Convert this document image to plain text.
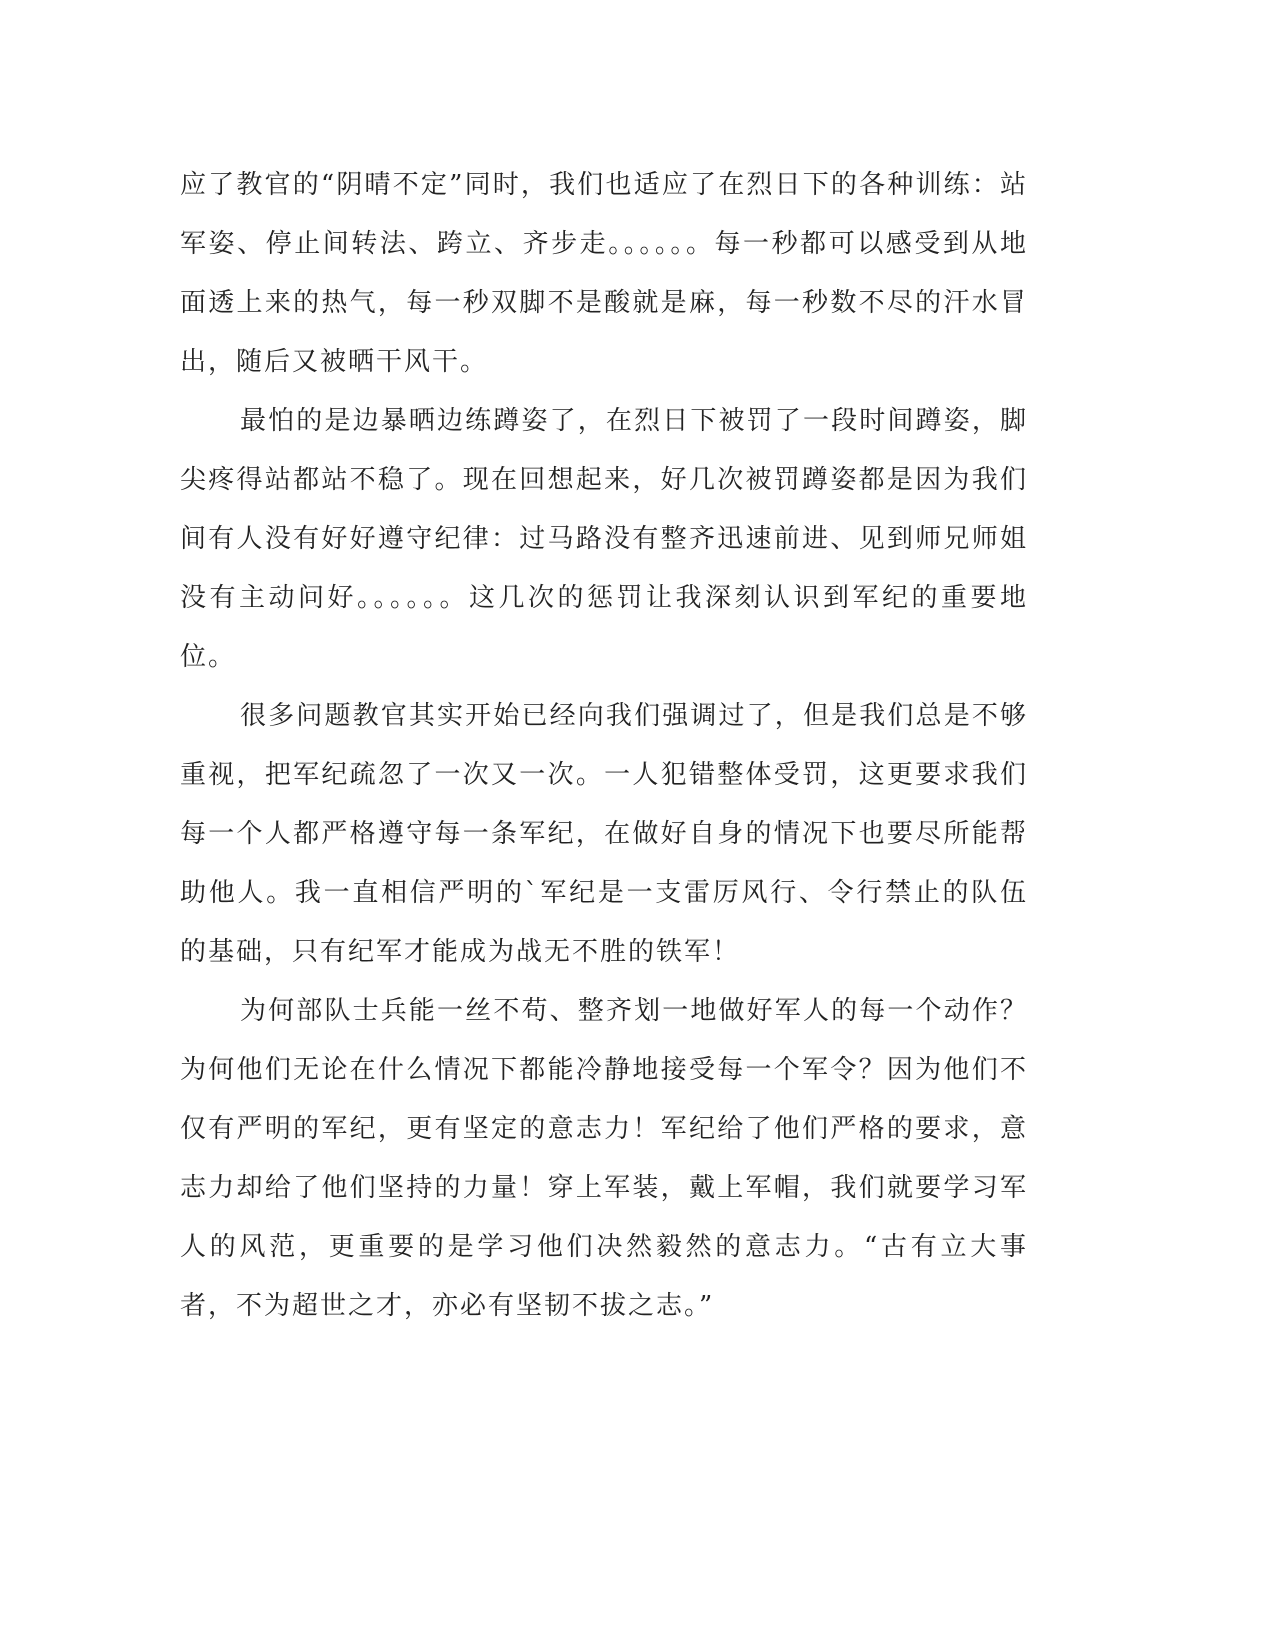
应了教官的“阴晴不定”同时，我们也适应了在烈日下的各种训练：站军姿、停止间转法、跨立、齐步走。。。。。。每一秒都可以感受到从地面透上来的热气，每一秒双脚不是酸就是麻，每一秒数不尽的汗水冒出，随后又被晒干风干。

最怕的是边暴晒边练蹲姿了，在烈日下被罚了一段时间蹲姿，脚尖疼得站都站不稳了。现在回想起来，好几次被罚蹲姿都是因为我们间有人没有好好遵守纪律：过马路没有整齐迅速前进、见到师兄师姐没有主动问好。。。。。。这几次的惩罚让我深刻认识到军纪的重要地位。

很多问题教官其实开始已经向我们强调过了，但是我们总是不够重视，把军纪疏忽了一次又一次。一人犯错整体受罚，这更要求我们每一个人都严格遵守每一条军纪，在做好自身的情况下也要尽所能帮助他人。我一直相信严明的`军纪是一支雷厉风行、令行禁止的队伍的基础，只有纪军才能成为战无不胜的铁军！

为何部队士兵能一丝不苟、整齐划一地做好军人的每一个动作？为何他们无论在什么情况下都能冷静地接受每一个军令？因为他们不仅有严明的军纪，更有坚定的意志力！军纪给了他们严格的要求，意志力却给了他们坚持的力量！穿上军装，戴上军帽，我们就要学习军人的风范，更重要的是学习他们决然毅然的意志力。“古有立大事者，不为超世之才，亦必有坚韧不拔之志。”
